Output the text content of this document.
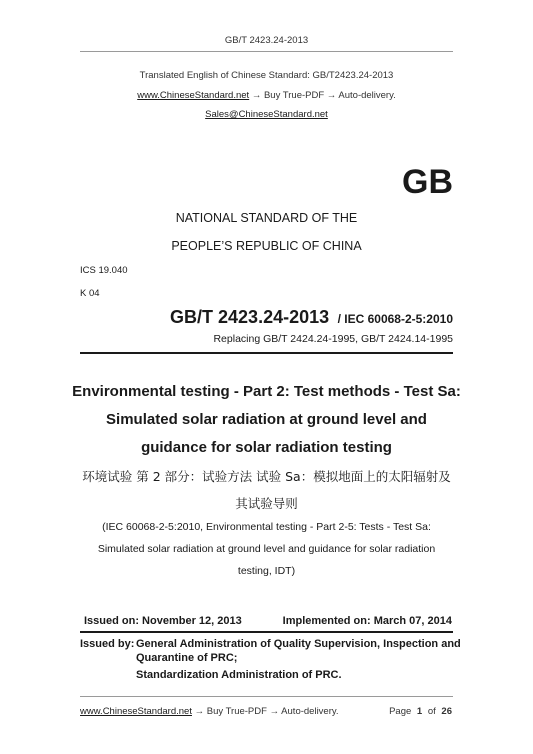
GB/T 2423.24-2013
Translated English of Chinese Standard: GB/T2423.24-2013
www.ChineseStandard.net → Buy True-PDF → Auto-delivery.
Sales@ChineseStandard.net
GB
NATIONAL STANDARD OF THE
PEOPLE’S REPUBLIC OF CHINA
ICS 19.040
K 04
GB/T 2423.24-2013 / IEC 60068-2-5:2010
Replacing GB/T 2424.24-1995, GB/T 2424.14-1995
Environmental testing - Part 2: Test methods - Test Sa:
Simulated solar radiation at ground level and
guidance for solar radiation testing
环境试验 第 2 部分：试验方法 试验 Sa：模拟地面上的太阳辐射及
其试验导则
(IEC 60068-2-5:2010, Environmental testing - Part 2-5: Tests - Test Sa:
Simulated solar radiation at ground level and guidance for solar radiation
testing, IDT)
Issued on: November 12, 2013	Implemented on: March 07, 2014
Issued by: General Administration of Quality Supervision, Inspection and
Quarantine of PRC;
Standardization Administration of PRC.
www.ChineseStandard.net → Buy True-PDF → Auto-delivery.	Page 1 of 26
